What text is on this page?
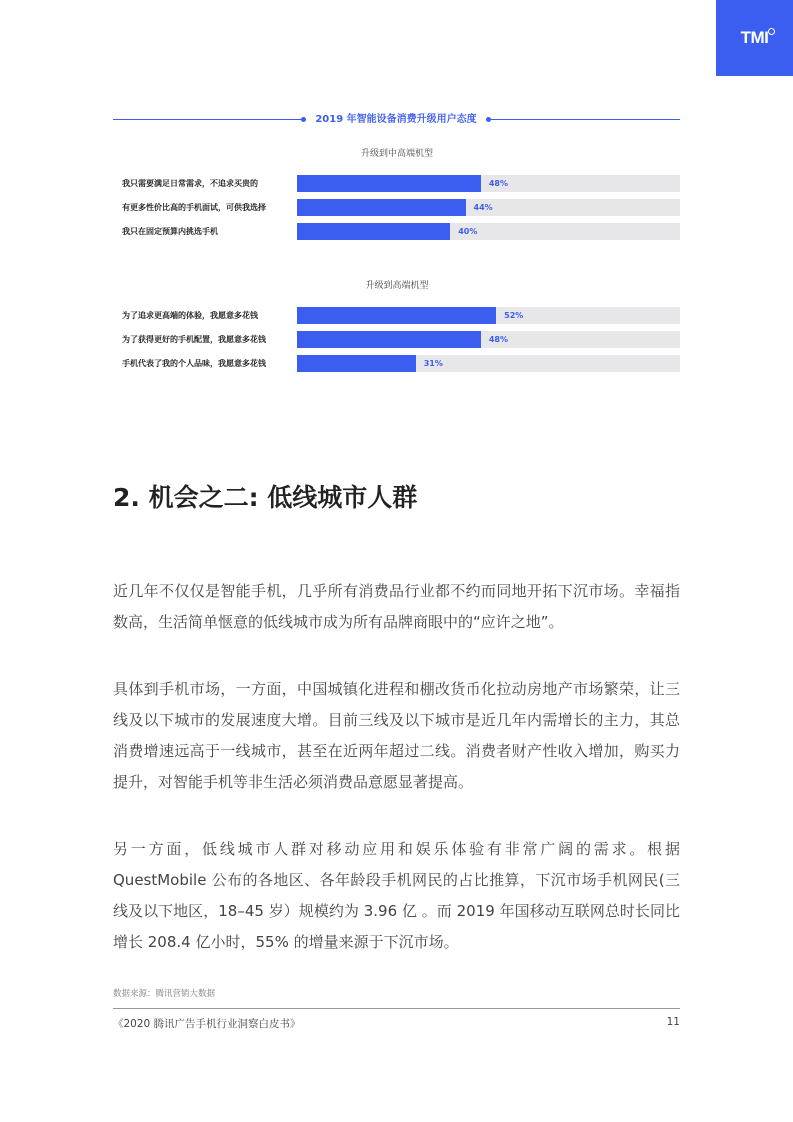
TMI
2019 年智能设备消费升级用户态度
升级到中高端机型
我只需要满足日常需求，不追求买贵的	48%
有更多性价比高的手机面试，可供我选择	44%
我只在固定预算内挑选手机	40%
升级到高端机型
为了追求更高端的体验，我愿意多花钱	52%
为了获得更好的手机配置，我愿意多花钱	48%
手机代表了我的个人品味，我愿意多花钱	31%
2. 机会之二: 低线城市人群

近几年不仅仅是智能手机，几乎所有消费品行业都不约而同地开拓下沉市场。幸福指数高，生活简单惬意的低线城市成为所有品牌商眼中的“应许之地”。

具体到手机市场，一方面，中国城镇化进程和棚改货币化拉动房地产市场繁荣，让三线及以下城市的发展速度大增。目前三线及以下城市是近几年内需增长的主力，其总消费增速远高于一线城市，甚至在近两年超过二线。消费者财产性收入增加，购买力提升，对智能手机等非生活必须消费品意愿显著提高。

另一方面，低线城市人群对移动应用和娱乐体验有非常广阔的需求。根据 QuestMobile 公布的各地区、各年龄段手机网民的占比推算，下沉市场手机网民(三线及以下地区，18–45 岁）规模约为 3.96 亿 。而 2019 年国移动互联网总时长同比增长 208.4 亿小时，55% 的增量来源于下沉市场。

数据来源：腾讯营销大数据
《2020 腾讯广告手机行业洞察白皮书》	11
